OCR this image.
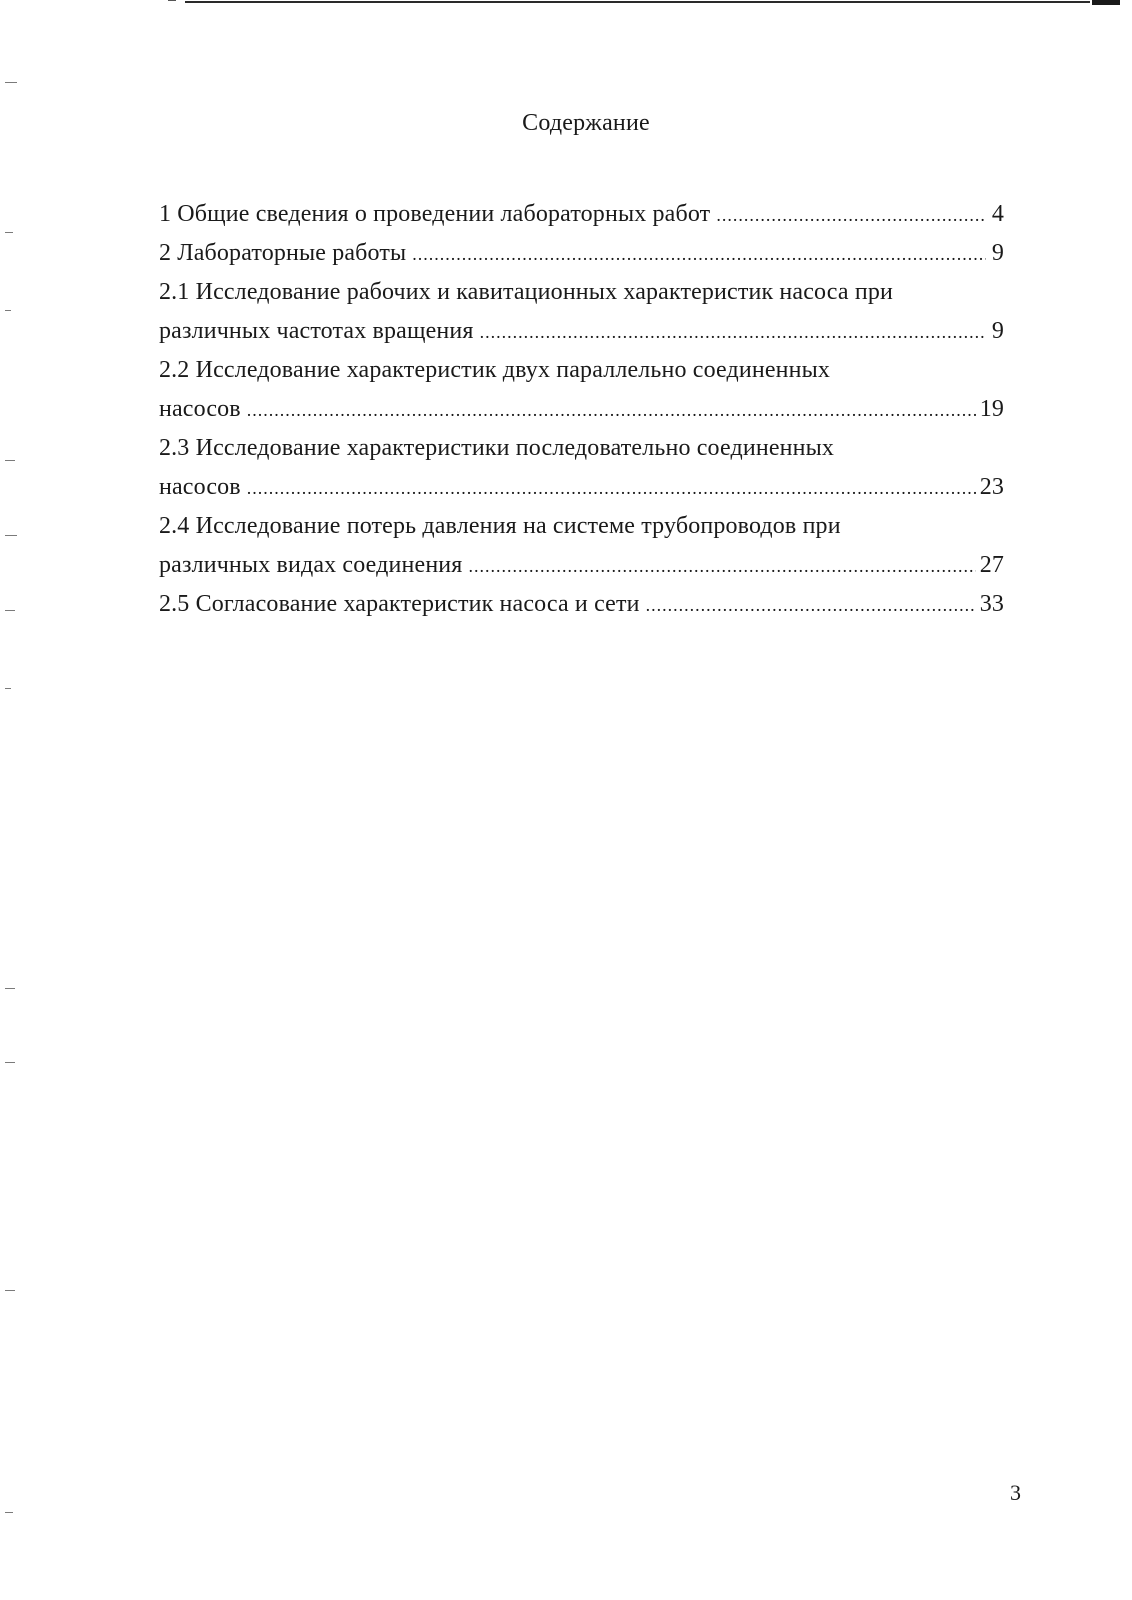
Содержание
1 Общие сведения о проведении лабораторных работ .....	4
2 Лабораторные работы .....	9
2.1 Исследование рабочих и кавитационных характеристик насоса при
различных частотах вращения .....	9
2.2 Исследование характеристик двух параллельно соединенных
насосов .....	19
2.3 Исследование характеристики последовательно соединенных
насосов .....	23
2.4 Исследование потерь давления на системе трубопроводов при
различных видах соединения .....	27
2.5 Согласование характеристик насоса и сети .....	33
3
